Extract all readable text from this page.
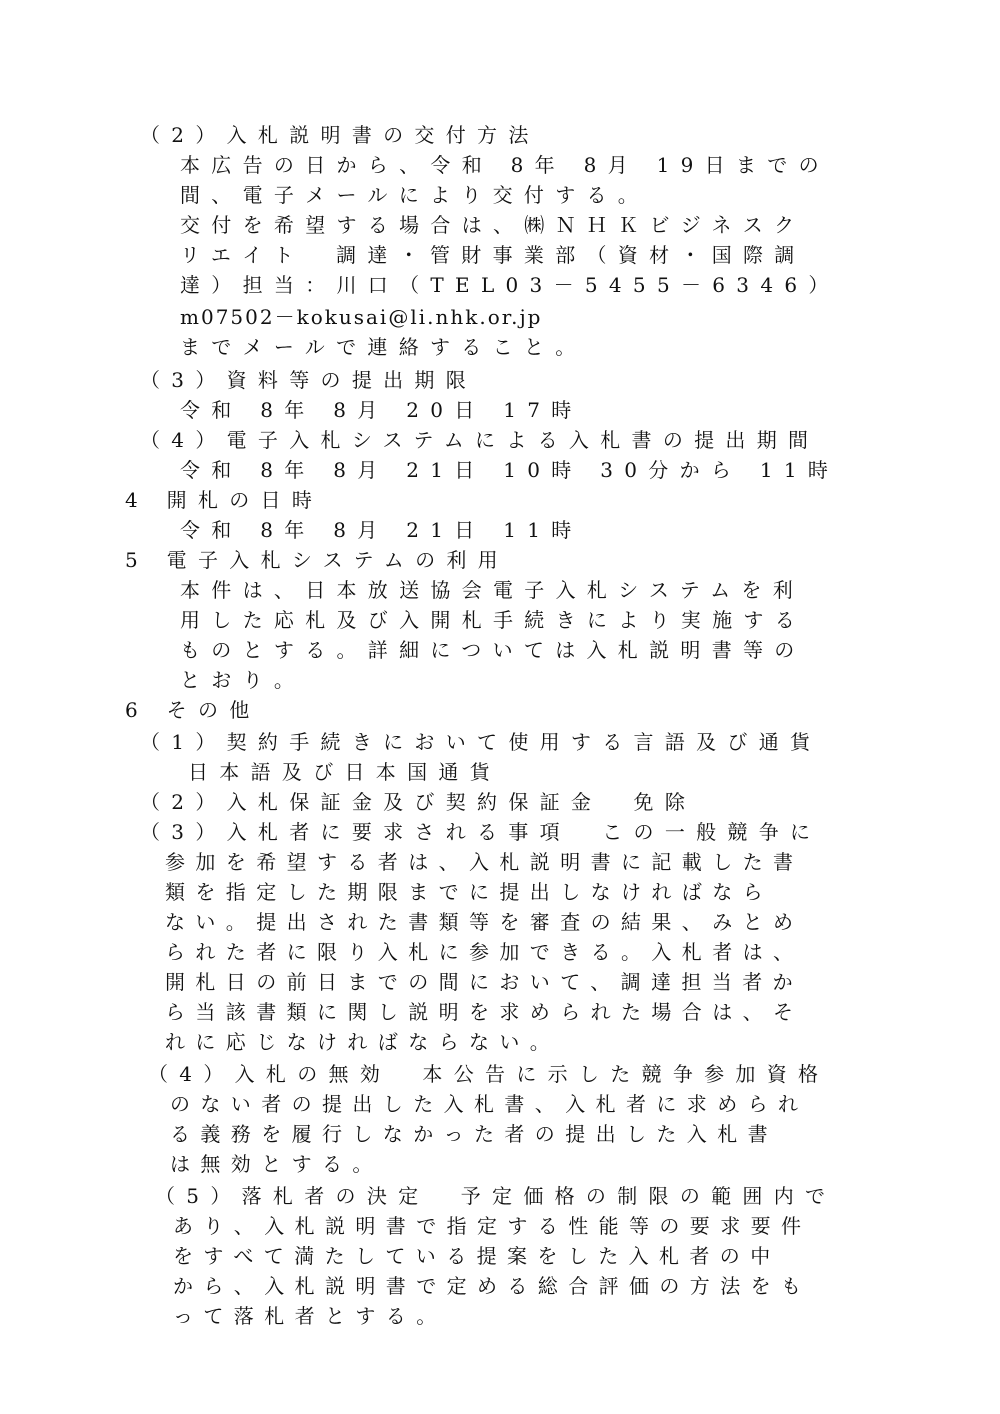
（2）入札説明書の交付方法

本広告の日から、令和 8年 8月 19日までの

間、電子メールにより交付する。

交付を希望する場合は、㈱ＮＨＫビジネスク

リエイト　調達・管財事業部（資材・国際調

達）担当：川口（TEL03－5455－6346）

m07502－kokusai@li.nhk.or.jp

までメールで連絡すること。

（3）資料等の提出期限

令和 8年 8月 20日 17時

（4）電子入札システムによる入札書の提出期間

令和 8年 8月 21日 10時 30分から 11時

4 開札の日時

令和 8年 8月 21日 11時

5 電子入札システムの利用

本件は、日本放送協会電子入札システムを利

用した応札及び入開札手続きにより実施する

ものとする。詳細については入札説明書等の

とおり。

6 その他

（1）契約手続きにおいて使用する言語及び通貨

日本語及び日本国通貨

（2）入札保証金及び契約保証金　免除

（3）入札者に要求される事項　この一般競争に

参加を希望する者は、入札説明書に記載した書

類を指定した期限までに提出しなければなら

ない。提出された書類等を審査の結果、みとめ

られた者に限り入札に参加できる。入札者は、

開札日の前日までの間において、調達担当者か

ら当該書類に関し説明を求められた場合は、そ

れに応じなければならない。

（4）入札の無効　本公告に示した競争参加資格

のない者の提出した入札書、入札者に求められ

る義務を履行しなかった者の提出した入札書

は無効とする。

（5）落札者の決定　予定価格の制限の範囲内で

あり、入札説明書で指定する性能等の要求要件

をすべて満たしている提案をした入札者の中

から、入札説明書で定める総合評価の方法をも

って落札者とする。
